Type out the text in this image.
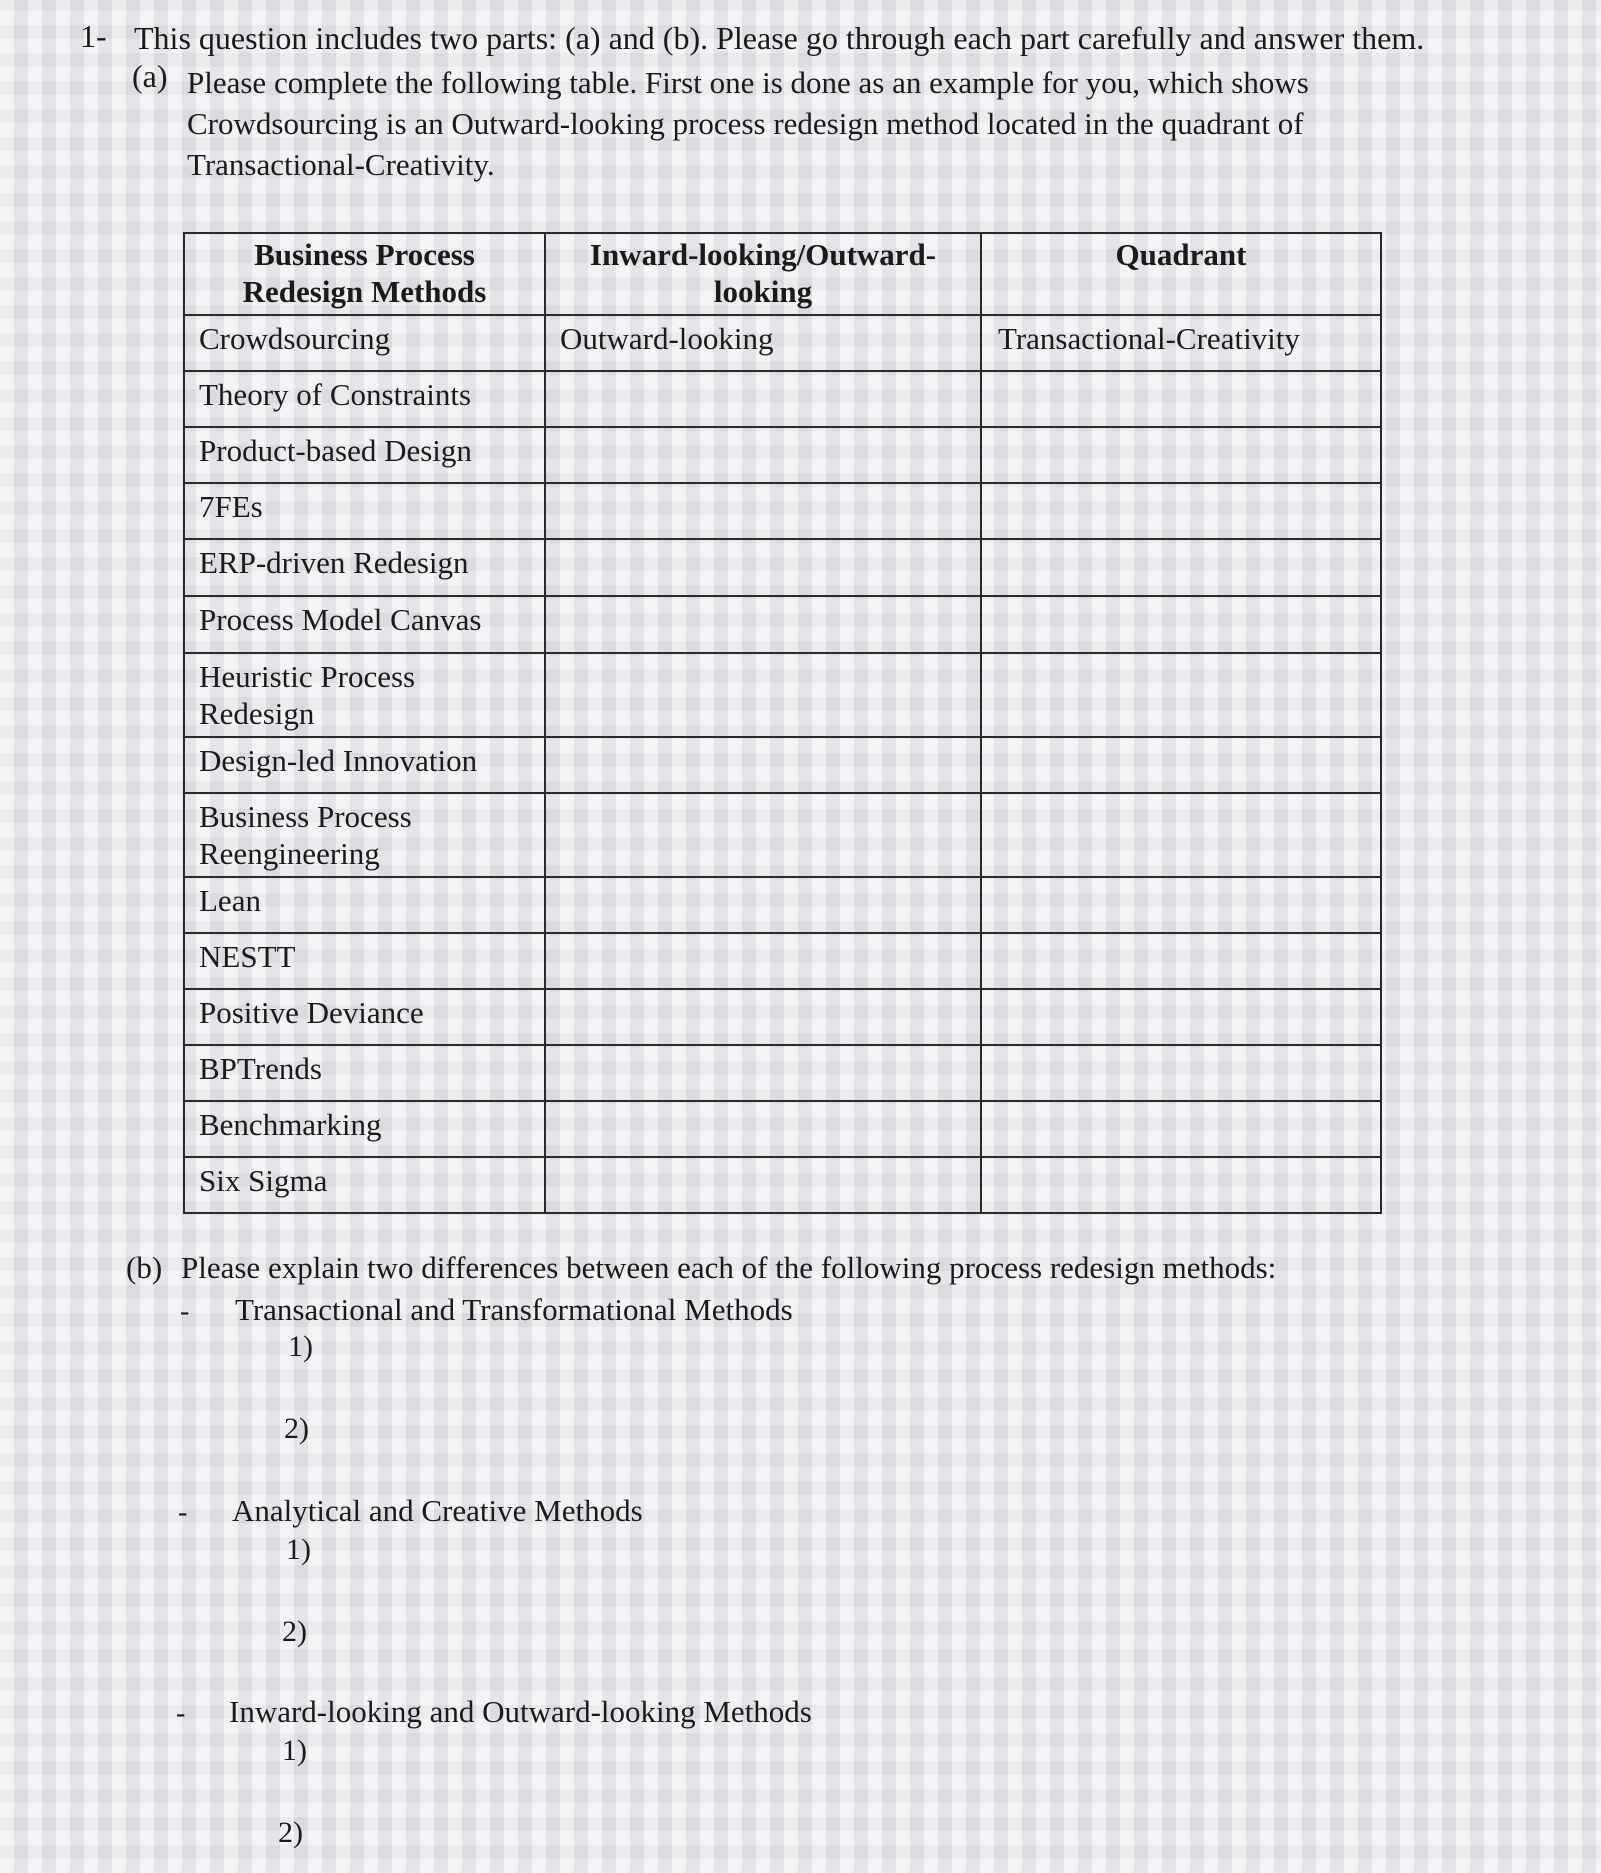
1- This question includes two parts: (a) and (b). Please go through each part carefully and answer them.
(a) Please complete the following table. First one is done as an example for you, which shows Crowdsourcing is an Outward-looking process redesign method located in the quadrant of Transactional-Creativity.
Business Process Redesign Methods	Inward-looking/Outward-looking	Quadrant
Crowdsourcing	Outward-looking	Transactional-Creativity
Theory of Constraints		
Product-based Design		
7FEs		
ERP-driven Redesign		
Process Model Canvas		
Heuristic Process Redesign		
Design-led Innovation		
Business Process Reengineering		
Lean		
NESTT		
Positive Deviance		
BPTrends		
Benchmarking		
Six Sigma		
(b) Please explain two differences between each of the following process redesign methods:
- Transactional and Transformational Methods
1)
2)
- Analytical and Creative Methods
1)
2)
- Inward-looking and Outward-looking Methods
1)
2)
